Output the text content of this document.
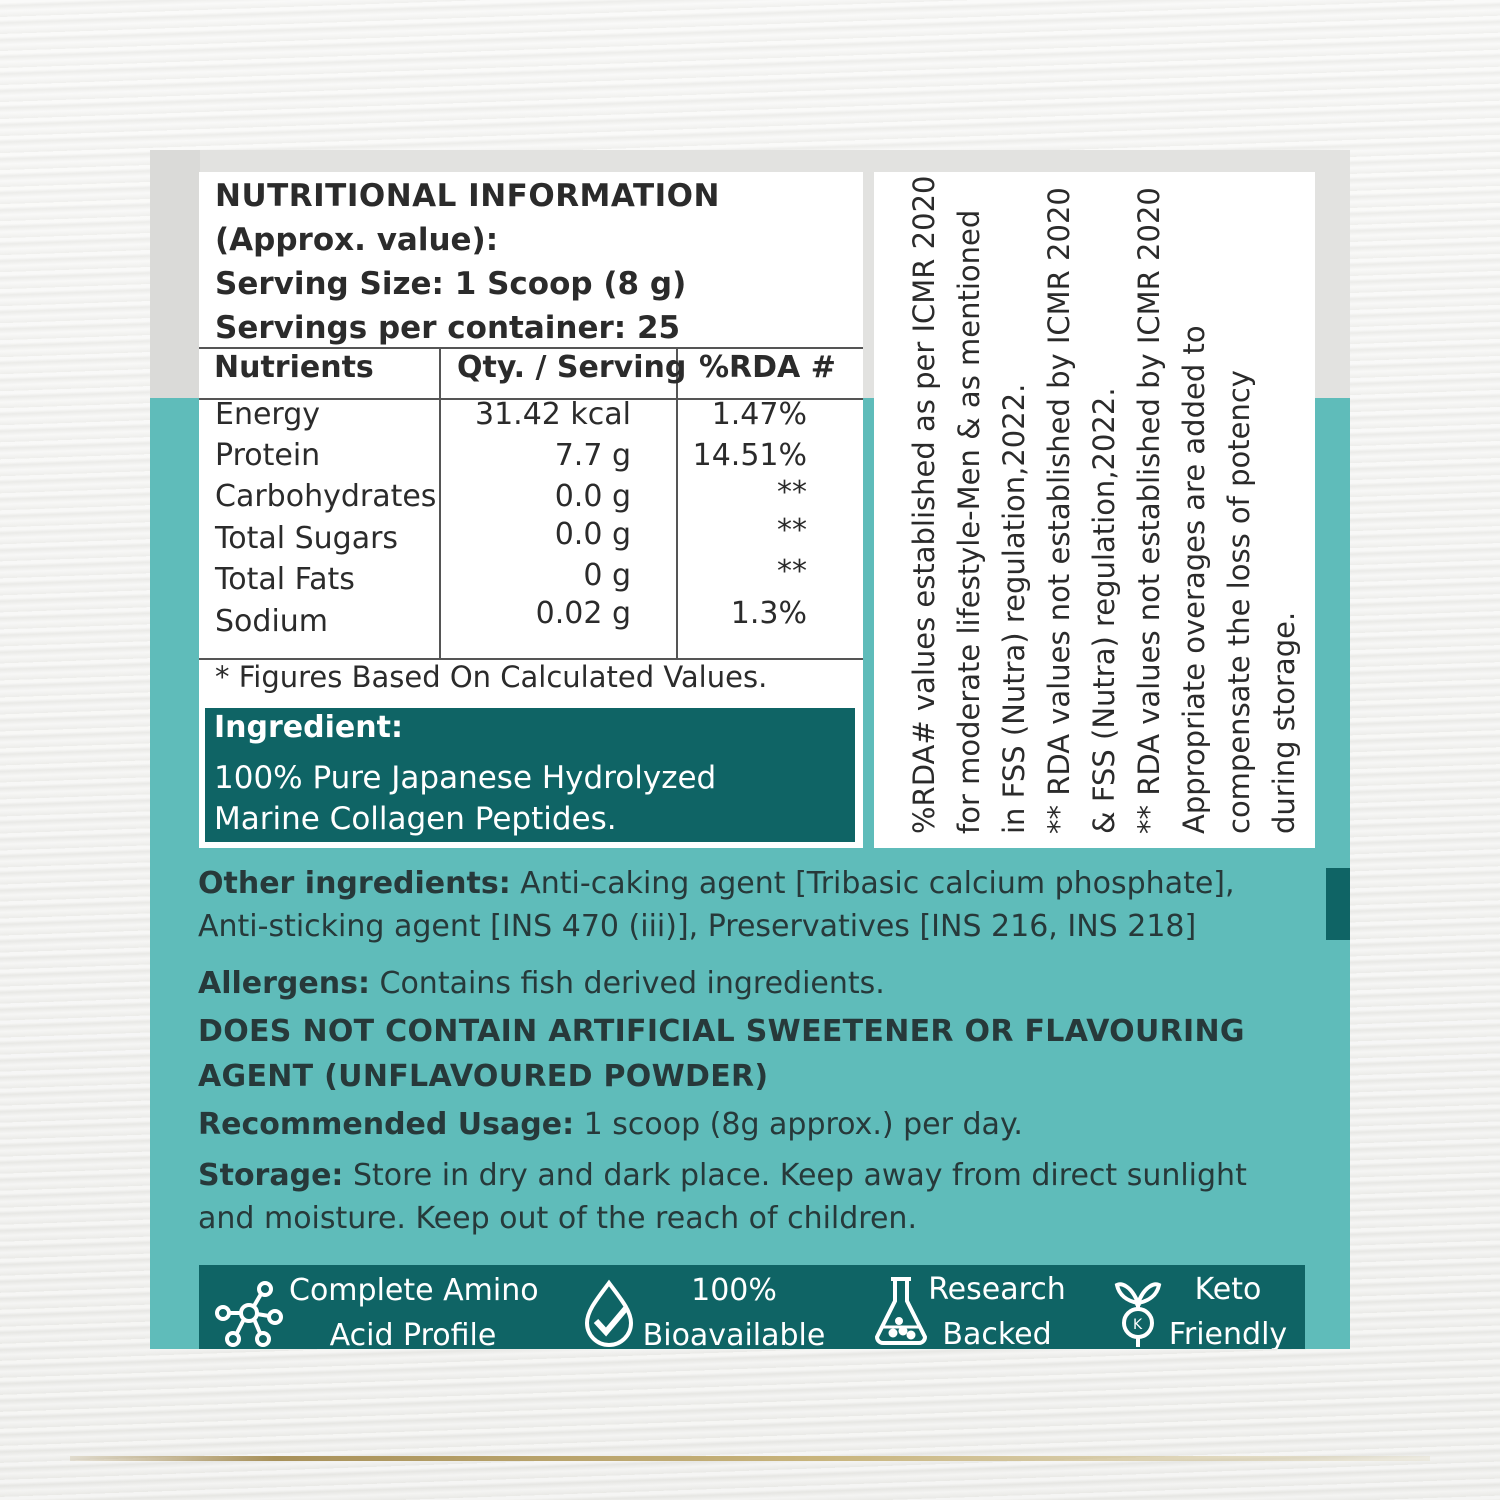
NUTRITIONAL INFORMATION
(Approx. value):
Serving Size: 1 Scoop (8 g)
Servings per container: 25
Nutrients	Qty. / Serving %RDA #
Energy	31.42 kcal	1.47%
Protein	7.7 g 14.51%
Carbohydrates	0.0 g	**
Total Sugars	0.0 g	**
Total Fats	0 g	**
Sodium	0.02 g	1.3%
* Figures Based On Calculated Values.
Ingredient:
100% Pure Japanese Hydrolyzed
Marine Collagen Peptides.	%RDA# values established as per ICMR 2020 for moderate lifestyle-Men & as mentioned in FSS (Nutra) regulation,2022. ** RDA values not established by ICMR 2020 & FSS (Nutra) regulation,2022. ** RDA values not established by ICMR 2020 Appropriate overages are added to compensate the loss of potency during storage.
Other ingredients: Anti-caking agent [Tribasic calcium phosphate], Anti-sticking agent [INS 470 (iii)], Preservatives [INS 216, INS 218]
Allergens: Contains fish derived ingredients.
DOES NOT CONTAIN ARTIFICIAL SWEETENER OR FLAVOURING AGENT (UNFLAVOURED POWDER)
Recommended Usage: 1 scoop (8g approx.) per day.
Storage: Store in dry and dark place. Keep away from direct sunlight and moisture. Keep out of the reach of children.
Complete Amino
Acid Profile
100%
Bioavailable
Research
Backed	K
Keto
Friendly
